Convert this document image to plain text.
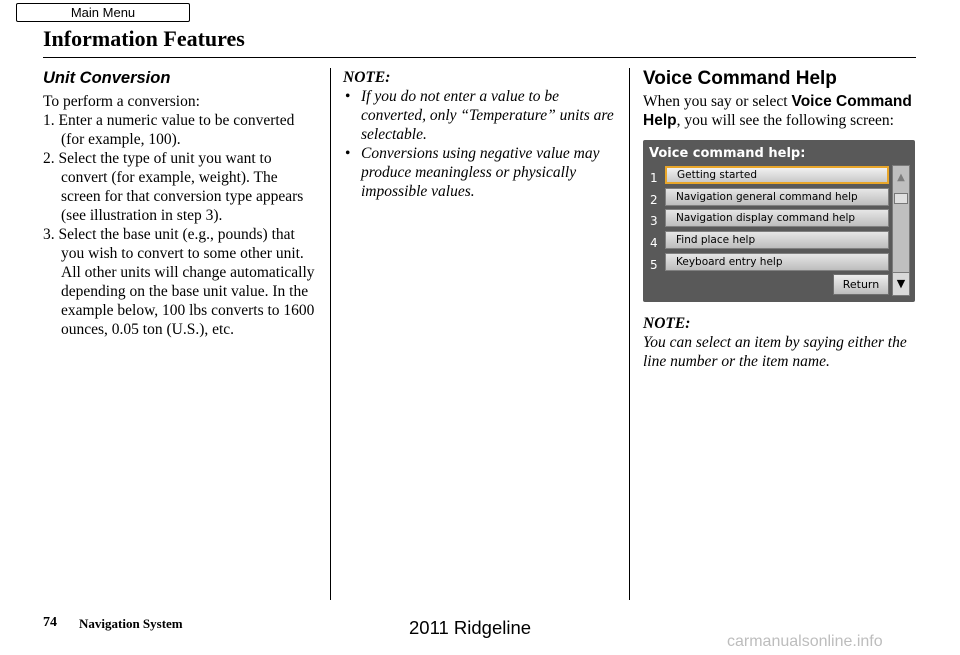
Main Menu
Information Features
Unit Conversion

To perform a conversion:

1. Enter a numeric value to be converted (for example, 100).
2. Select the type of unit you want to convert (for example, weight). The screen for that conversion type appears (see illustration in step 3).
3. Select the base unit (e.g., pounds) that you wish to convert to some other unit. All other units will change automatically depending on the base unit value. In the example below, 100 lbs converts to 1600 ounces, 0.05 ton (U.S.), etc.

NOTE:

• If you do not enter a value to be converted, only “Temperature” units are selectable.
• Conversions using negative value may produce meaningless or physically impossible values.
Voice Command Help

When you say or select Voice Command Help, you will see the following screen:

Voice command help:
1	Getting started
2	Navigation general command help
3	Navigation display command help
4	Find place help
5	Keyboard entry help
Return
▲
▼

NOTE:

You can select an item by saying either the line number or the item name.

74 Navigation System	2011 Ridgeline
carmanualsonline.info
